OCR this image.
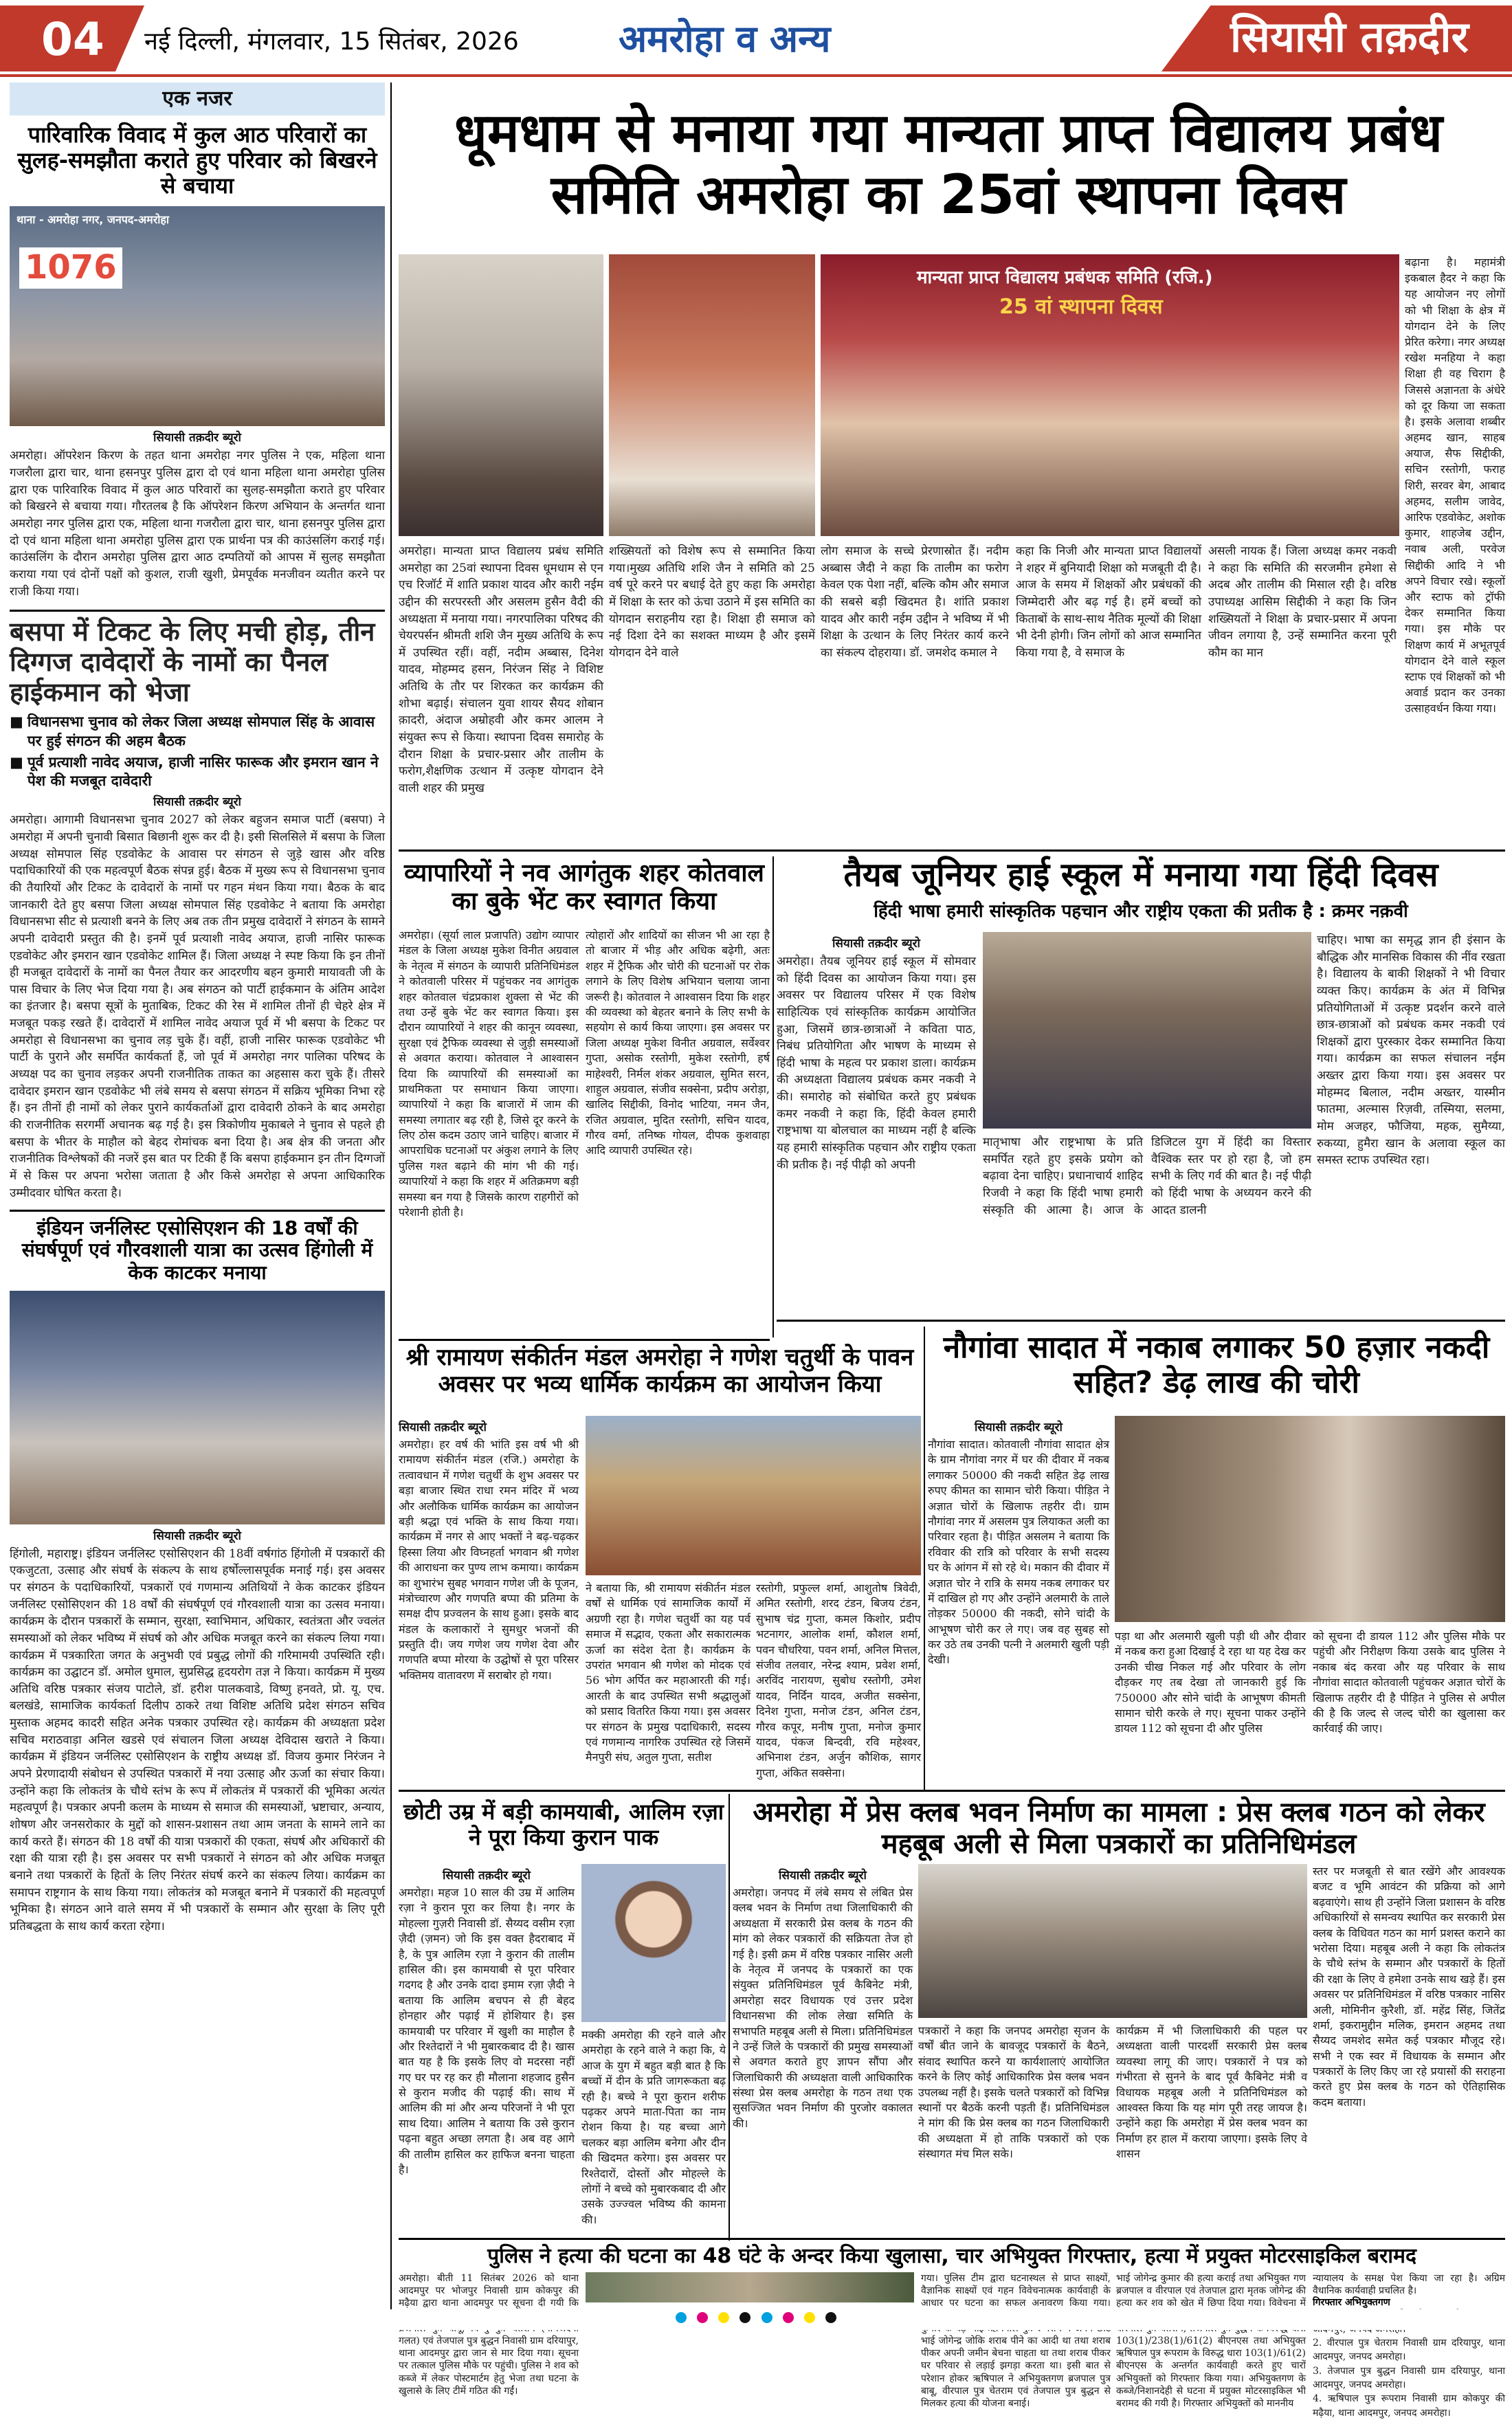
04 नई दिल्ली, मंगलवार, 15 सितंबर, 2026	अमरोहा व अन्य	सियासी तक़दीर
एक नजर
पारिवारिक विवाद में कुल आठ परिवारों का सुलह-समझौता कराते हुए परिवार को बिखरने से बचाया
थाना - अमरोहा नगर, जनपद-अमरोहा
1076
सियासी तक़दीर ब्यूरो
अमरोहा। ऑपरेशन किरण के तहत थाना अमरोहा नगर पुलिस ने एक, महिला थाना गजरौला द्वारा चार, थाना हसनपुर पुलिस द्वारा दो एवं थाना महिला थाना अमरोहा पुलिस द्वारा एक पारिवारिक विवाद में कुल आठ परिवारों का सुलह-समझौता कराते हुए परिवार को बिखरने से बचाया गया। गौरतलब है कि ऑपरेशन किरण अभियान के अन्तर्गत थाना अमरोहा नगर पुलिस द्वारा एक, महिला थाना गजरौला द्वारा चार, थाना हसनपुर पुलिस द्वारा दो एवं थाना महिला थाना अमरोहा पुलिस द्वारा एक प्रार्थना पत्र की काउंसलिंग कराई गई। काउंसलिंग के दौरान अमरोहा पुलिस द्वारा आठ दम्पतियों को आपस में सुलह समझौता कराया गया एवं दोनों पक्षों को कुशल, राजी खुशी, प्रेमपूर्वक मनजीवन व्यतीत करने पर राजी किया गया।
बसपा में टिकट के लिए मची होड़, तीन दिग्गज दावेदारों के नामों का पैनल हाईकमान को भेजा
■ विधानसभा चुनाव को लेकर जिला अध्यक्ष सोमपाल सिंह के आवास पर हुई संगठन की अहम बैठक
■ पूर्व प्रत्याशी नावेद अयाज, हाजी नासिर फारूक और इमरान खान ने पेश की मजबूत दावेदारी
सियासी तक़दीर ब्यूरो
अमरोहा। आगामी विधानसभा चुनाव 2027 को लेकर बहुजन समाज पार्टी (बसपा) ने अमरोहा में अपनी चुनावी बिसात बिछानी शुरू कर दी है। इसी सिलसिले में बसपा के जिला अध्यक्ष सोमपाल सिंह एडवोकेट के आवास पर संगठन से जुड़े खास और वरिष्ठ पदाधिकारियों की एक महत्वपूर्ण बैठक संपन्न हुई। बैठक में मुख्य रूप से विधानसभा चुनाव की तैयारियों और टिकट के दावेदारों के नामों पर गहन मंथन किया गया। बैठक के बाद जानकारी देते हुए बसपा जिला अध्यक्ष सोमपाल सिंह एडवोकेट ने बताया कि अमरोहा विधानसभा सीट से प्रत्याशी बनने के लिए अब तक तीन प्रमुख दावेदारों ने संगठन के सामने अपनी दावेदारी प्रस्तुत की है। इनमें पूर्व प्रत्याशी नावेद अयाज, हाजी नासिर फारूक एडवोकेट और इमरान खान एडवोकेट शामिल हैं। जिला अध्यक्ष ने स्पष्ट किया कि इन तीनों ही मजबूत दावेदारों के नामों का पैनल तैयार कर आदरणीय बहन कुमारी मायावती जी के पास विचार के लिए भेज दिया गया है। अब संगठन को पार्टी हाईकमान के अंतिम आदेश का इंतजार है। बसपा सूत्रों के मुताबिक, टिकट की रेस में शामिल तीनों ही चेहरे क्षेत्र में मजबूत पकड़ रखते हैं। दावेदारों में शामिल नावेद अयाज पूर्व में भी बसपा के टिकट पर अमरोहा से विधानसभा का चुनाव लड़ चुके हैं। वहीं, हाजी नासिर फारूक एडवोकेट भी पार्टी के पुराने और समर्पित कार्यकर्ता हैं, जो पूर्व में अमरोहा नगर पालिका परिषद के अध्यक्ष पद का चुनाव लड़कर अपनी राजनीतिक ताकत का अहसास करा चुके हैं। तीसरे दावेदार इमरान खान एडवोकेट भी लंबे समय से बसपा संगठन में सक्रिय भूमिका निभा रहे हैं। इन तीनों ही नामों को लेकर पुराने कार्यकर्ताओं द्वारा दावेदारी ठोकने के बाद अमरोहा की राजनीतिक सरगर्मी अचानक बढ़ गई है। इस त्रिकोणीय मुकाबले ने चुनाव से पहले ही बसपा के भीतर के माहौल को बेहद रोमांचक बना दिया है। अब क्षेत्र की जनता और राजनीतिक विश्लेषकों की नजरें इस बात पर टिकी हैं कि बसपा हाईकमान इन तीन दिग्गजों में से किस पर अपना भरोसा जताता है और किसे अमरोहा से अपना आधिकारिक उम्मीदवार घोषित करता है।
इंडियन जर्नलिस्ट एसोसिएशन की 18 वर्षों की संघर्षपूर्ण एवं गौरवशाली यात्रा का उत्सव हिंगोली में केक काटकर मनाया
सियासी तक़दीर ब्यूरो
हिंगोली, महाराष्ट्र। इंडियन जर्नलिस्ट एसोसिएशन की 18वीं वर्षगांठ हिंगोली में पत्रकारों की एकजुटता, उत्साह और संघर्ष के संकल्प के साथ हर्षोल्लासपूर्वक मनाई गई। इस अवसर पर संगठन के पदाधिकारियों, पत्रकारों एवं गणमान्य अतिथियों ने केक काटकर इंडियन जर्नलिस्ट एसोसिएशन की 18 वर्षों की संघर्षपूर्ण एवं गौरवशाली यात्रा का उत्सव मनाया। कार्यक्रम के दौरान पत्रकारों के सम्मान, सुरक्षा, स्वाभिमान, अधिकार, स्वतंत्रता और ज्वलंत समस्याओं को लेकर भविष्य में संघर्ष को और अधिक मजबूत करने का संकल्प लिया गया। कार्यक्रम में पत्रकारिता जगत के अनुभवी एवं प्रबुद्ध लोगों की गरिमामयी उपस्थिति रही। कार्यक्रम का उद्घाटन डॉ. अमोल धुमाल, सुप्रसिद्ध हृदयरोग तज्ञ ने किया। कार्यक्रम में मुख्य अतिथि वरिष्ठ पत्रकार संजय पाटोले, डॉ. हरीश पालकवाडे, विष्णु हनवते, प्रो. यू. एच. बलखंडे, सामाजिक कार्यकर्ता दिलीप ठाकरे तथा विशिष्ट अतिथि प्रदेश संगठन सचिव मुस्ताक अहमद कादरी सहित अनेक पत्रकार उपस्थित रहे। कार्यक्रम की अध्यक्षता प्रदेश सचिव मराठवाड़ा अनिल खडसे एवं संचालन जिला अध्यक्ष देविदास खराते ने किया। कार्यक्रम में इंडियन जर्नलिस्ट एसोसिएशन के राष्ट्रीय अध्यक्ष डॉ. विजय कुमार निरंजन ने अपने प्रेरणादायी संबोधन से उपस्थित पत्रकारों में नया उत्साह और ऊर्जा का संचार किया। उन्होंने कहा कि लोकतंत्र के चौथे स्तंभ के रूप में लोकतंत्र में पत्रकारों की भूमिका अत्यंत महत्वपूर्ण है। पत्रकार अपनी कलम के माध्यम से समाज की समस्याओं, भ्रष्टाचार, अन्याय, शोषण और जनसरोकार के मुद्दों को शासन-प्रशासन तथा आम जनता के सामने लाने का कार्य करते हैं। संगठन की 18 वर्षों की यात्रा पत्रकारों की एकता, संघर्ष और अधिकारों की रक्षा की यात्रा रही है। इस अवसर पर सभी पत्रकारों ने संगठन को और अधिक मजबूत बनाने तथा पत्रकारों के हितों के लिए निरंतर संघर्ष करने का संकल्प लिया। कार्यक्रम का समापन राष्ट्रगान के साथ किया गया। लोकतंत्र को मजबूत बनाने में पत्रकारों की महत्वपूर्ण भूमिका है। संगठन आने वाले समय में भी पत्रकारों के सम्मान और सुरक्षा के लिए पूरी प्रतिबद्धता के साथ कार्य करता रहेगा।
धूमधाम से मनाया गया मान्यता प्राप्त विद्यालय प्रबंध समिति अमरोहा का 25वां स्थापना दिवस
मान्यता प्राप्त विद्यालय प्रबंधक समिति (रजि.)
25 वां स्थापना दिवस
अमरोहा। मान्यता प्राप्त विद्यालय प्रबंध समिति अमरोहा का 25वां स्थापना दिवस धूमधाम से एन एच रिजॉर्ट में शाति प्रकाश यादव और कारी नईम उद्दीन की सरपरस्ती और असलम हुसैन वैदी की अध्यक्षता में मनाया गया। नगरपालिका परिषद की चेयरपर्सन श्रीमती शशि जैन मुख्य अतिथि के रूप में उपस्थित रहीं। वहीं, नदीम अब्बास, दिनेश यादव, मोहम्मद हसन, निरंजन सिंह ने विशिष्ट अतिथि के तौर पर शिरकत कर कार्यक्रम की शोभा बढ़ाई। संचालन युवा शायर सैयद शोबान क़ादरी, अंदाज अम्रोहवी और कमर आलम ने संयुक्त रूप से किया। स्थापना दिवस समारोह के दौरान शिक्षा के प्रचार-प्रसार और तालीम के फरोग,शैक्षणिक उत्थान में उत्कृष्ट योगदान देने वाली शहर की प्रमुख
शख्सियतों को विशेष रूप से सम्मानित किया गया।मुख्य अतिथि शशि जैन ने समिति को 25 वर्ष पूरे करने पर बधाई देते हुए कहा कि अमरोहा में शिक्षा के स्तर को ऊंचा उठाने में इस समिति का योगदान सराहनीय रहा है। शिक्षा ही समाज को नई दिशा देने का सशक्त माध्यम है और इसमें योगदान देने वाले
लोग समाज के सच्चे प्रेरणास्रोत हैं। नदीम अब्बास जैदी ने कहा कि तालीम का फरोग केवल एक पेशा नहीं, बल्कि कौम और समाज की सबसे बड़ी खिदमत है। शांति प्रकाश यादव और कारी नईम उद्दीन ने भविष्य में भी शिक्षा के उत्थान के लिए निरंतर कार्य करने का संकल्प दोहराया। डॉ. जमशेद कमाल ने
कहा कि निजी और मान्यता प्राप्त विद्यालयों ने शहर में बुनियादी शिक्षा को मजबूती दी है। आज के समय में शिक्षकों और प्रबंधकों की जिम्मेदारी और बढ़ गई है। हमें बच्चों को किताबों के साथ-साथ नैतिक मूल्यों की शिक्षा भी देनी होगी। जिन लोगों को आज सम्मानित किया गया है, वे समाज के
असली नायक हैं। जिला अध्यक्ष कमर नकवी ने कहा कि समिति की सरजमीन हमेशा से अदब और तालीम की मिसाल रही है। वरिष्ठ उपाध्यक्ष आसिम सिद्दीकी ने कहा कि जिन शख्सियतों ने शिक्षा के प्रचार-प्रसार में अपना जीवन लगाया है, उन्हें सम्मानित करना पूरी कौम का मान
बढ़ाना है। महामंत्री इकबाल हैदर ने कहा कि यह आयोजन नए लोगों को भी शिक्षा के क्षेत्र में योगदान देने के लिए प्रेरित करेगा। नगर अध्यक्ष रखेश मनहिया ने कहा शिक्षा ही वह चिराग है जिससे अज्ञानता के अंधेरे को दूर किया जा सकता है। इसके अलावा शब्बीर अहमद खान, साहब अयाज, सैफ सिद्दीकी, सचिन रस्तोगी, फराह शिरी, सरवर बेग, आबाद अहमद, सलीम जावेद, आरिफ एडवोकेट, अशोक कुमार, शाहजेब उद्दीन, नवाब अली, परवेज सिद्दीकी आदि ने भी अपने विचार रखे। स्कूलों और स्टाफ को ट्रॉफी देकर सम्मानित किया गया। इस मौके पर शिक्षण कार्य में अभूतपूर्व योगदान देने वाले स्कूल स्टाफ एवं शिक्षकों को भी अवार्ड प्रदान कर उनका उत्साहवर्धन किया गया।
व्यापारियों ने नव आगंतुक शहर कोतवाल का बुके भेंट कर स्वागत किया
अमरोहा। (सूर्या लाल प्रजापति) उद्योग व्यापार मंडल के जिला अध्यक्ष मुकेश विनीत अग्रवाल के नेतृत्व में संगठन के व्यापारी प्रतिनिधिमंडल ने कोतवाली परिसर में पहुंचकर नव आगंतुक शहर कोतवाल चंद्रप्रकाश शुक्ला से भेंट की तथा उन्हें बुके भेंट कर स्वागत किया। इस दौरान व्यापारियों ने शहर की कानून व्यवस्था, सुरक्षा एवं ट्रैफिक व्यवस्था से जुड़ी समस्याओं से अवगत कराया। कोतवाल ने आश्वासन दिया कि व्यापारियों की समस्याओं का प्राथमिकता पर समाधान किया जाएगा। व्यापारियों ने कहा कि बाजारों में जाम की समस्या लगातार बढ़ रही है, जिसे दूर करने के लिए ठोस कदम उठाए जाने चाहिए। बाजार में आपराधिक घटनाओं पर अंकुश लगाने के लिए पुलिस गश्त बढ़ाने की मांग भी की गई। व्यापारियों ने कहा कि शहर में अतिक्रमण बड़ी समस्या बन गया है जिसके कारण राहगीरों को परेशानी होती है।
त्योहारों और शादियों का सीजन भी आ रहा है तो बाजार में भीड़ और अधिक बढ़ेगी, अतः शहर में ट्रैफिक और चोरी की घटनाओं पर रोक लगाने के लिए विशेष अभियान चलाया जाना जरूरी है। कोतवाल ने आश्वासन दिया कि शहर की व्यवस्था को बेहतर बनाने के लिए सभी के सहयोग से कार्य किया जाएगा। इस अवसर पर जिला अध्यक्ष मुकेश विनीत अग्रवाल, सर्वेश्वर गुप्ता, असोक रस्तोगी, मुकेश रस्तोगी, हर्ष माहेश्वरी, निर्मल शंकर अग्रवाल, सुमित सरन, शाहुल अग्रवाल, संजीव सक्सेना, प्रदीप अरोड़ा, खालिद सिद्दीकी, विनोद भाटिया, नमन जैन, रजित अग्रवाल, मुदित रस्तोगी, सचिन यादव, गौरव वर्मा, तनिष्क गोयल, दीपक कुशवाहा आदि व्यापारी उपस्थित रहे।
तैयब जूनियर हाई स्कूल में मनाया गया हिंदी दिवस
हिंदी भाषा हमारी सांस्कृतिक पहचान और राष्ट्रीय एकता की प्रतीक है : क्रमर नक़वी
सियासी तक़दीर ब्यूरो
अमरोहा। तैयब जूनियर हाई स्कूल में सोमवार को हिंदी दिवस का आयोजन किया गया। इस अवसर पर विद्यालय परिसर में एक विशेष साहित्यिक एवं सांस्कृतिक कार्यक्रम आयोजित हुआ, जिसमें छात्र-छात्राओं ने कविता पाठ, निबंध प्रतियोगिता और भाषण के माध्यम से हिंदी भाषा के महत्व पर प्रकाश डाला। कार्यक्रम की अध्यक्षता विद्यालय प्रबंधक कमर नकवी ने की। समारोह को संबोधित करते हुए प्रबंधक कमर नकवी ने कहा कि, हिंदी केवल हमारी राष्ट्रभाषा या बोलचाल का माध्यम नहीं है बल्कि यह हमारी सांस्कृतिक पहचान और राष्ट्रीय एकता की प्रतीक है। नई पीढ़ी को अपनी
मातृभाषा और राष्ट्रभाषा के प्रति समर्पित रहते हुए इसके प्रयोग को बढ़ावा देना चाहिए। प्रधानाचार्य शाहिद रिजवी ने कहा कि हिंदी भाषा हमारी संस्कृति की आत्मा है। आज के डिजिटल युग में हिंदी का विस्तार वैश्विक स्तर पर हो रहा है, जो हम सभी के लिए गर्व की बात है। नई पीढ़ी को हिंदी भाषा के अध्ययन करने की आदत डालनी
चाहिए। भाषा का समृद्ध ज्ञान ही इंसान के बौद्धिक और मानसिक विकास की नींव रखता है। विद्यालय के बाकी शिक्षकों ने भी विचार व्यक्त किए। कार्यक्रम के अंत में विभिन्न प्रतियोगिताओं में उत्कृष्ट प्रदर्शन करने वाले छात्र-छात्राओं को प्रबंधक कमर नकवी एवं शिक्षकों द्वारा पुरस्कार देकर सम्मानित किया गया। कार्यक्रम का सफल संचालन नईम अख्तर द्वारा किया गया। इस अवसर पर मोहम्मद बिलाल, नदीम अख्तर, यास्मीन फातमा, अल्मास रिज़वी, तस्मिया, सलमा, मोम अजहर, फौजिया, महक, सुमैय्या, रुकय्या, हुमैरा खान के अलावा स्कूल का समस्त स्टाफ उपस्थित रहा।
श्री रामायण संकीर्तन मंडल अमरोहा ने गणेश चतुर्थी के पावन अवसर पर भव्य धार्मिक कार्यक्रम का आयोजन किया
सियासी तक़दीर ब्यूरो
अमरोहा। हर वर्ष की भांति इस वर्ष भी श्री रामायण संकीर्तन मंडल (रजि.) अमरोहा के तत्वावधान में गणेश चतुर्थी के शुभ अवसर पर बड़ा बाजार स्थित राधा रमन मंदिर में भव्य और अलौकिक धार्मिक कार्यक्रम का आयोजन बड़ी श्रद्धा एवं भक्ति के साथ किया गया। कार्यक्रम में नगर से आए भक्तों ने बढ़-चढ़कर हिस्सा लिया और विघ्नहर्ता भगवान श्री गणेश की आराधना कर पुण्य लाभ कमाया। कार्यक्रम का शुभारंभ सुबह भगवान गणेश जी के पूजन, मंत्रोच्चारण और गणपति बप्पा की प्रतिमा के समक्ष दीप प्रज्वलन के साथ हुआ। इसके बाद मंडल के कलाकारों ने सुमधुर भजनों की प्रस्तुति दी। जय गणेश जय गणेश देवा और गणपति बप्पा मोरया के उद्घोषों से पूरा परिसर भक्तिमय वातावरण में सराबोर हो गया।
ने बताया कि, श्री रामायण संकीर्तन मंडल वर्षों से धार्मिक एवं सामाजिक कार्यों में अग्रणी रहा है। गणेश चतुर्थी का यह पर्व समाज में सद्भाव, एकता और सकारात्मक ऊर्जा का संदेश देता है। कार्यक्रम के उपरांत भगवान श्री गणेश को मोदक एवं 56 भोग अर्पित कर महाआरती की गई। आरती के बाद उपस्थित सभी श्रद्धालुओं को प्रसाद वितरित किया गया। इस अवसर पर संगठन के प्रमुख पदाधिकारी, सदस्य एवं गणमान्य नागरिक उपस्थित रहे जिसमें मैनपुरी संघ, अतुल गुप्ता, सतीश
रस्तोगी, प्रफुल्ल शर्मा, आशुतोष त्रिवेदी, अमित रस्तोगी, शरद टंडन, बिजय टंडन, सुभाष चंद्र गुप्ता, कमल किशोर, प्रदीप भटनागर, आलोक शर्मा, कौशल शर्मा, पवन चौधरिया, पवन शर्मा, अनिल मित्तल, संजीव तलवार, नरेन्द्र श्याम, प्रवेश शर्मा, अरविंद नारायण, सुबोध रस्तोगी, उमेश यादव, निर्दिन यादव, अजीत सक्सेना, दिनेश गुप्ता, मनोज टंडन, अनिल टंडन, गौरव कपूर, मनीष गुप्ता, मनोज कुमार यादव, पंकज बिन्दवी, रवि महेश्वर, अभिनाश टंडन, अर्जुन कौशिक, सागर गुप्ता, अंकित सक्सेना।
नौगांवा सादात में नकाब लगाकर 50 हज़ार नकदी सहित? डेढ़ लाख की चोरी
सियासी तक़दीर ब्यूरो
नौगांवा सादात। कोतवाली नौगांवा सादात क्षेत्र के ग्राम नौगांवा नगर में घर की दीवार में नकब लगाकर 50000 की नकदी सहित डेढ़ लाख रुपए कीमत का सामान चोरी किया। पीड़ित ने अज्ञात चोरों के खिलाफ तहरीर दी। ग्राम नौगांवा नगर में असलम पुत्र लियाकत अली का परिवार रहता है। पीड़ित असलम ने बताया कि रविवार की रात्रि को परिवार के सभी सदस्य घर के आंगन में सो रहे थे। मकान की दीवार में अज्ञात चोर ने रात्रि के समय नकब लगाकर घर में दाखिल हो गए और उन्होंने अलमारी के ताले तोड़कर 50000 की नकदी, सोने चांदी के आभूषण चोरी कर ले गए। जब वह सुबह सो कर उठे तब उनकी पत्नी ने अलमारी खुली पड़ी देखी।
पड़ा था और अलमारी खुली पड़ी थी और दीवार में नकब करा हुआ दिखाई दे रहा था यह देख कर उनकी चीख निकल गई और परिवार के लोग दौड़कर गए तब देखा तो जानकारी हुई कि 750000 और सोने चांदी के आभूषण कीमती सामान चोरी करके ले गए। सूचना पाकर उन्होंने डायल 112 को सूचना दी और पुलिस
को सूचना दी डायल 112 और पुलिस मौके पर पहुंची और निरीक्षण किया उसके बाद पुलिस ने नकाब बंद करवा और यह परिवार के साथ नौगांवा सादात कोतवाली पहुंचकर अज्ञात चोरों के खिलाफ तहरीर दी है पीड़ित ने पुलिस से अपील की है कि जल्द से जल्द चोरी का खुलासा कर कार्रवाई की जाए।
छोटी उम्र में बड़ी कामयाबी, आलिम रज़ा ने पूरा किया कुरान पाक
सियासी तक़दीर ब्यूरो
अमरोहा। महज 10 साल की उम्र में आलिम रज़ा ने कुरान पूरा कर लिया है। नगर के मोहल्ला गुज़री निवासी डॉ. सैय्यद वसीम रज़ा ज़ैदी (ज़मन) जो कि इस वक्त हैदराबाद में है, के पुत्र आलिम रज़ा ने कुरान की तालीम हासिल की। इस कामयाबी से पूरा परिवार गदगद है और उनके दादा इमाम रज़ा ज़ैदी ने बताया कि आलिम बचपन से ही बेहद होनहार और पढ़ाई में होशियार है। इस कामयाबी पर परिवार में खुशी का माहौल है और रिश्तेदारों ने भी मुबारकबाद दी है। खास बात यह है कि इसके लिए वो मदरसा नहीं गए घर पर रह कर ही मौलाना शहजाद हुसैन से कुरान मजीद की पढ़ाई की। साथ में आलिम की मां और अन्य परिजनों ने भी पूरा साथ दिया। आलिम ने बताया कि उसे कुरान पढ़ना बहुत अच्छा लगता है। अब वह आगे की तालीम हासिल कर हाफिज बनना चाहता है।
मक्की अमरोहा की रहने वाले और अमरोहा के रहने वाले ने कहा कि, ये आज के युग में बहुत बड़ी बात है कि बच्चों में दीन के प्रति जागरूकता बढ़ रही है। बच्चे ने पूरा कुरान शरीफ पढ़कर अपने माता-पिता का नाम रोशन किया है। यह बच्चा आगे चलकर बड़ा आलिम बनेगा और दीन की खिदमत करेगा। इस अवसर पर रिश्तेदारों, दोस्तों और मोहल्ले के लोगों ने बच्चे को मुबारकबाद दी और उसके उज्ज्वल भविष्य की कामना की।
अमरोहा में प्रेस क्लब भवन निर्माण का मामला : प्रेस क्लब गठन को लेकर महबूब अली से मिला पत्रकारों का प्रतिनिधिमंडल
सियासी तक़दीर ब्यूरो
अमरोहा। जनपद में लंबे समय से लंबित प्रेस क्लब भवन के निर्माण तथा जिलाधिकारी की अध्यक्षता में सरकारी प्रेस क्लब के गठन की मांग को लेकर पत्रकारों की सक्रियता तेज हो गई है। इसी क्रम में वरिष्ठ पत्रकार नासिर अली के नेतृत्व में जनपद के पत्रकारों का एक संयुक्त प्रतिनिधिमंडल पूर्व कैबिनेट मंत्री, अमरोहा सदर विधायक एवं उत्तर प्रदेश विधानसभा की लोक लेखा समिति के सभापति महबूब अली से मिला। प्रतिनिधिमंडल ने उन्हें जिले के पत्रकारों की प्रमुख समस्याओं से अवगत कराते हुए ज्ञापन सौंपा और जिलाधिकारी की अध्यक्षता वाली आधिकारिक संस्था प्रेस क्लब अमरोहा के गठन तथा एक सुसज्जित भवन निर्माण की पुरजोर वकालत की।
पत्रकारों ने कहा कि जनपद अमरोहा सृजन के वर्षों बीत जाने के बावजूद पत्रकारों के बैठने, संवाद स्थापित करने या कार्यशालाएं आयोजित करने के लिए कोई आधिकारिक प्रेस क्लब भवन उपलब्ध नहीं है। इसके चलते पत्रकारों को विभिन्न स्थानों पर बैठकें करनी पड़ती हैं। प्रतिनिधिमंडल ने मांग की कि प्रेस क्लब का गठन जिलाधिकारी की अध्यक्षता में हो ताकि पत्रकारों को एक संस्थागत मंच मिल सके।
कार्यक्रम में भी जिलाधिकारी की पहल पर अध्यक्षता वाली पारदर्शी सरकारी प्रेस क्लब व्यवस्था लागू की जाए। पत्रकारों ने पत्र को गंभीरता से सुनने के बाद पूर्व कैबिनेट मंत्री व विधायक महबूब अली ने प्रतिनिधिमंडल को आश्वस्त किया कि यह मांग पूरी तरह जायज है। उन्होंने कहा कि अमरोहा में प्रेस क्लब भवन का निर्माण हर हाल में कराया जाएगा। इसके लिए वे शासन
स्तर पर मजबूती से बात रखेंगे और आवश्यक बजट व भूमि आवंटन की प्रक्रिया को आगे बढ़वाएंगे। साथ ही उन्होंने जिला प्रशासन के वरिष्ठ अधिकारियों से समन्वय स्थापित कर सरकारी प्रेस क्लब के विधिवत गठन का मार्ग प्रशस्त कराने का भरोसा दिया। महबूब अली ने कहा कि लोकतंत्र के चौथे स्तंभ के सम्मान और पत्रकारों के हितों की रक्षा के लिए वे हमेशा उनके साथ खड़े हैं। इस अवसर पर प्रतिनिधिमंडल में वरिष्ठ पत्रकार नासिर अली, मोमिनीन कुरैशी, डॉ. महेंद्र सिंह, जितेंद्र शर्मा, इकरामुद्दीन मलिक, इमरान अहमद तथा सैय्यद जमशेद समेत कई पत्रकार मौजूद रहे। सभी ने एक स्वर में विधायक के सम्मान और पत्रकारों के लिए किए जा रहे प्रयासों की सराहना करते हुए प्रेस क्लब के गठन को ऐतिहासिक कदम बताया।
पुलिस ने हत्या की घटना का 48 घंटे के अन्दर किया खुलासा, चार अभियुक्त गिरफ्तार, हत्या में प्रयुक्त मोटरसाइकिल बरामद
अमरोहा। बीती 11 सितंबर 2026 को थाना आदमपुर पर भोजपुर निवासी ग्राम कोकपुर की मढ़ैया द्वारा थाना आदमपुर पर सूचना दी गयी कि गलत) एवं तेजपाल पुत्र बुद्धन निवासी ग्राम दरियापुर, थाना आदमपुर द्वारा जान से मार दिया गया। सूचना पर तत्काल पुलिस मौके पर पहुंची। पुलिस ने शव को कब्जे में लेकर पोस्टमार्टम हेतु भेजा तथा घटना के खुलासे के लिए टीमें गठित की गईं।
गया। पुलिस टीम द्वारा घटनास्थल से प्राप्त साक्ष्यों, वैज्ञानिक साक्ष्यों एवं गहन विवेचनात्मक कार्यवाही के आधार पर घटना का सफल अनावरण किया गया। भाई जोगेन्द्र जोकि शराब पीने का आदी था तथा शराब पीकर अपनी जमीन बेचना चाहता था तथा शराब पीकर घर परिवार से लड़ाई झगड़ा करता था। इसी बात से परेशान होकर ऋषिपाल ने अभियुक्तगण ब्रजपाल पुत्र बाबू, वीरपाल पुत्र चेतराम एवं तेजपाल पुत्र बुद्धन से मिलकर हत्या की योजना बनाई।
भाई जोगेन्द्र कुमार की हत्या कराई तथा अभियुक्त गण ब्रजपाल व वीरपाल एवं तेजपाल द्वारा मृतक जोगेन्द्र की हत्या कर शव को खेत में छिपा दिया गया। विवेचना में 103(1)/238(1)/61(2) बीएनएस तथा अभियुक्त ऋषिपाल पुत्र रूपराम के विरुद्ध धारा 103(1)/61(2) बीएनएस के अन्तर्गत कार्यवाही करते हुए चारों अभियुक्तों को गिरफ्तार किया गया। अभियुक्तगण के कब्जे/निशानदेही से घटना में प्रयुक्त मोटरसाइकिल भी बरामद की गयी है। गिरफ्तार अभियुक्तों को माननीय
न्यायालय के समक्ष पेश किया जा रहा है। अग्रिम वैधानिक कार्यवाही प्रचलित है।
गिरफ्तार अभियुक्तगण
2. वीरपाल पुत्र चेतराम निवासी ग्राम दरियापुर, थाना आदमपुर, जनपद अमरोहा।
3. तेजपाल पुत्र बुद्धन निवासी ग्राम दरियापुर, थाना आदमपुर, जनपद अमरोहा।
4. ऋषिपाल पुत्र रूपराम निवासी ग्राम कोकपुर की मढ़ैया, थाना आदमपुर, जनपद अमरोहा।
